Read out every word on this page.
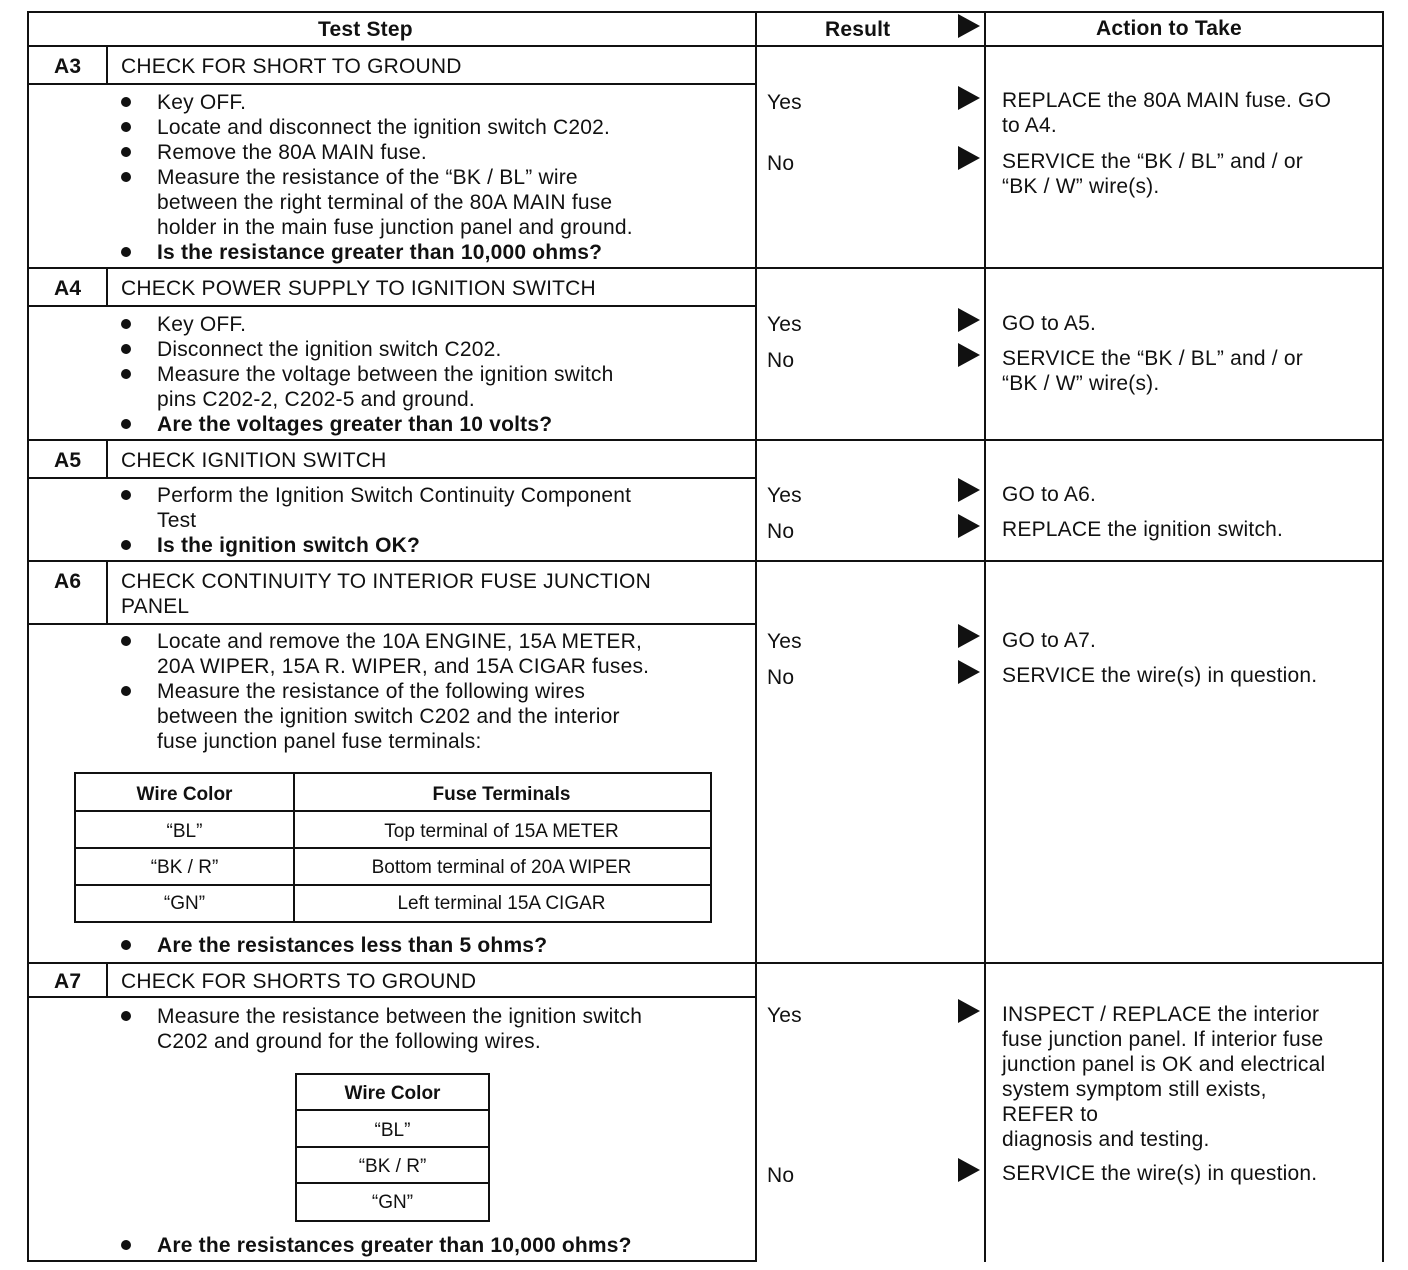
Test Step	Result	Action to Take
A3 CHECK FOR SHORT TO GROUND
Key OFF.
Locate and disconnect the ignition switch C202.
Remove the 80A MAIN fuse.
Measure the resistance of the “BK / BL” wire
between the right terminal of the 80A MAIN fuse
holder in the main fuse junction panel and ground.
Is the resistance greater than 10,000 ohms?
Yes	REPLACE the 80A MAIN fuse. GO
to A4.
No	SERVICE the “BK / BL” and / or
“BK / W” wire(s).
A4 CHECK POWER SUPPLY TO IGNITION SWITCH
Key OFF.
Disconnect the ignition switch C202.
Measure the voltage between the ignition switch
pins C202-2, C202-5 and ground.
Are the voltages greater than 10 volts?
Yes	GO to A5.
No	SERVICE the “BK / BL” and / or
“BK / W” wire(s).
A5 CHECK IGNITION SWITCH
Perform the Ignition Switch Continuity Component
Test
Is the ignition switch OK?
Yes	GO to A6.
No	REPLACE the ignition switch.
A6 CHECK CONTINUITY TO INTERIOR FUSE JUNCTION
PANEL
Locate and remove the 10A ENGINE, 15A METER,
20A WIPER, 15A R. WIPER, and 15A CIGAR fuses.
Measure the resistance of the following wires
between the ignition switch C202 and the interior
fuse junction panel fuse terminals:
Wire Color	Fuse Terminals
“BL”	Top terminal of 15A METER
“BK / R”	Bottom terminal of 20A WIPER
“GN”	Left terminal 15A CIGAR
Are the resistances less than 5 ohms?
Yes	GO to A7.
No	SERVICE the wire(s) in question.
A7 CHECK FOR SHORTS TO GROUND
Measure the resistance between the ignition switch
C202 and ground for the following wires.
Wire Color
“BL”
“BK / R”
“GN”
Are the resistances greater than 10,000 ohms?
Yes	INSPECT / REPLACE the interior
fuse junction panel. If interior fuse
junction panel is OK and electrical
system symptom still exists,
REFER to
diagnosis and testing.
No	SERVICE the wire(s) in question.
